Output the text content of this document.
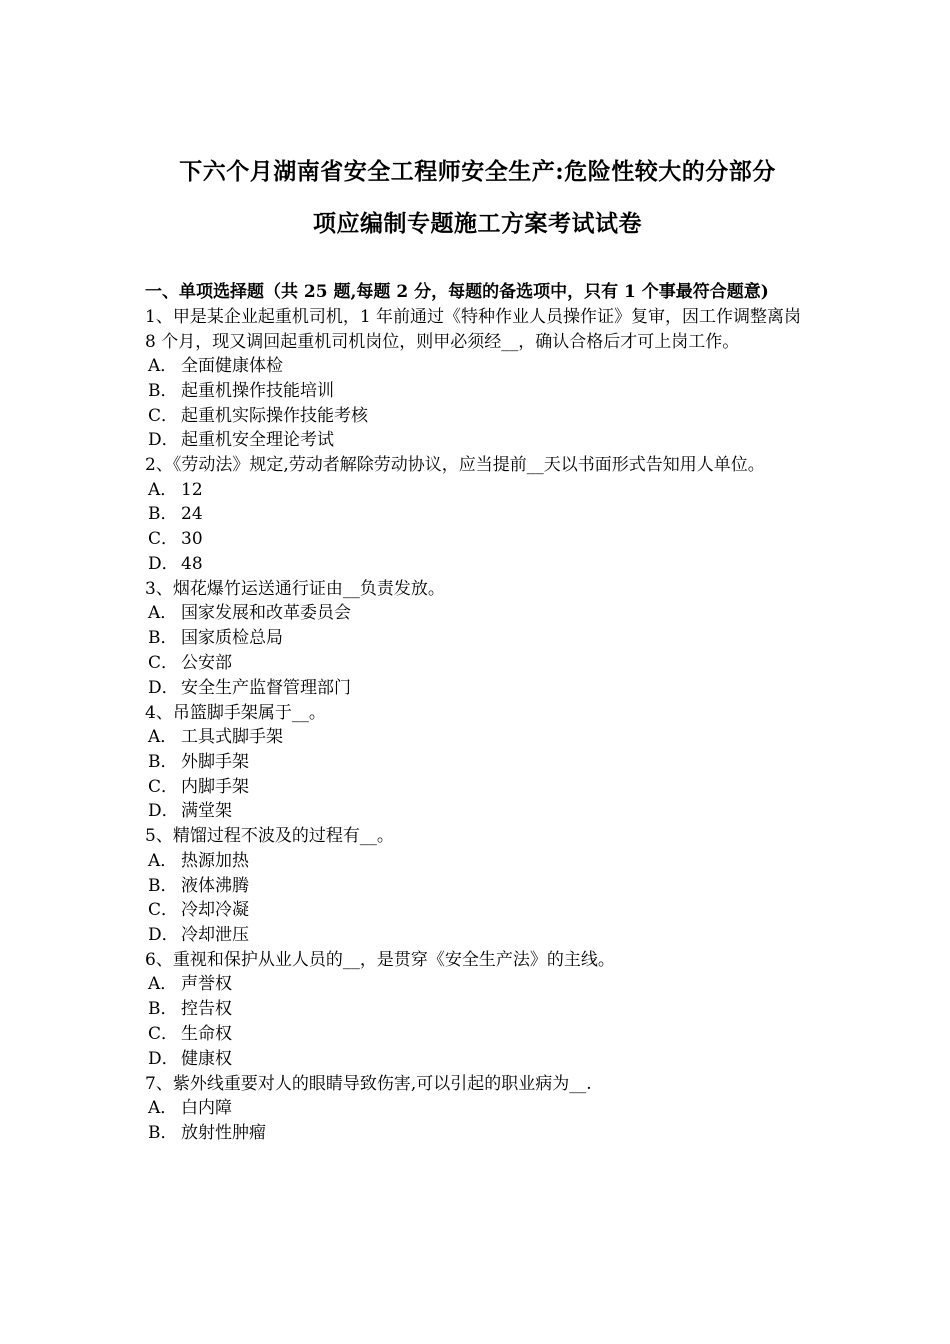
下六个月湖南省安全工程师安全生产:危险性较大的分部分
项应编制专题施工方案考试试卷
一、单项选择题（共 25 题,每题 2 分，每题的备选项中，只有 1 个事最符合题意)
1、甲是某企业起重机司机，1 年前通过《特种作业人员操作证》复审，因工作调整离岗 8 个月，现又调回起重机司机岗位，则甲必须经__，确认合格后才可上岗工作。
A． 全面健康体检
B． 起重机操作技能培训
C． 起重机实际操作技能考核
D． 起重机安全理论考试
2、《劳动法》规定,劳动者解除劳动协议，应当提前__天以书面形式告知用人单位。
A． 12
B． 24
C． 30
D． 48
3、烟花爆竹运送通行证由__负责发放。
A． 国家发展和改革委员会
B． 国家质检总局
C． 公安部
D． 安全生产监督管理部门
4、吊篮脚手架属于__。
A． 工具式脚手架
B． 外脚手架
C． 内脚手架
D． 满堂架
5、精馏过程不波及的过程有__。
A． 热源加热
B． 液体沸腾
C． 冷却冷凝
D． 冷却泄压
6、重视和保护从业人员的__，是贯穿《安全生产法》的主线。
A． 声誉权
B． 控告权
C． 生命权
D． 健康权
7、紫外线重要对人的眼睛导致伤害,可以引起的职业病为__.
A． 白内障
B． 放射性肿瘤
